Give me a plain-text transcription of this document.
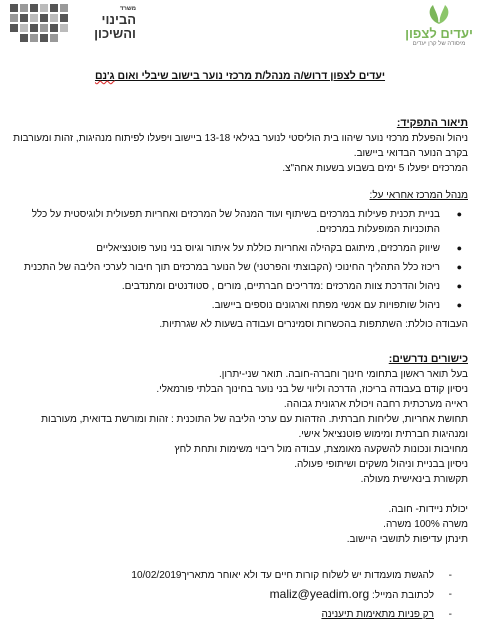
יעדים לצפון
מיסודה של קרן יעדים
משרד
הבינוי
והשיכון
יעדים לצפון דרוש/ה מנהל/ת מרכזי נוער בישוב שיבלי ואום ג'נם
תיאור התפקיד:

ניהול והפעלת מרכזי נוער שיהוו בית הוליסטי לנוער בגילאי 13-18 ביישוב ויפעלו לפיתוח מנהיגות, זהות ומעורבות בקרב הנוער הבדואי ביישוב.

המרכזים יפעלו 5 ימים בשבוע בשעות אחה"צ.

מנהל המרכז אחראי על:
●
בניית תכנית פעילות במרכזים בשיתוף ועוד המנהל של המרכזים ואחריות תפעולית ולוגיסטית על כלל התוכניות המופעלות במרכזים.
●
שיווק המרכזים, מיתוגם בקהילה ואחריות כוללת על איתור וגיוס בני נוער פוטנציאליים
●
ריכוז כלל התהליך החינוכי (הקבוצתי והפרטני) של הנוער במרכזים תוך חיבור לערכי הליבה של התכנית
●
ניהול והדרכת צוות המרכזים :מדריכים חברתיים, מורים , סטודנטים ומתנדבים.
●
ניהול שותפויות עם אנשי מפתח וארגונים נוספים ביישוב.

העבודה כוללת: השתתפות בהכשרות וסמינרים ועבודה בשעות לא שגרתיות.

כישורים נדרשים:

בעל תואר ראשון בתחומי חינוך וחברה-חובה. תואר שני-יתרון.

ניסיון קודם בעבודה בריכוז, הדרכה וליווי של בני נוער בחינוך הבלתי פורמאלי.

ראייה מערכתית רחבה ויכולת ארגונית גבוהה.

תחושת אחריות, שליחות חברתית. הזדהות עם ערכי הליבה של התוכנית : זהות ומורשת בדואית, מעורבות ומנהיגות חברתית ומימוש פוטנציאל אישי.

מחויבות ונכונות להשקעה מאומצת, עבודה מול ריבוי משימות ותחת לחץ

ניסיון בבניית וניהול משקים ושיתופי פעולה.

תקשורת בינאישית מעולה.

יכולת ניידות- חובה.

משרה 100% משרה.

תינתן עדיפות לתושבי היישוב.

-
להגשת מועמדות יש לשלוח קורות חיים עד ולא יאוחר מתאריך10/02/2019
-
לכתובת המייל: maliz@yeadim.org
-
רק פניות מתאימות תיענינה
